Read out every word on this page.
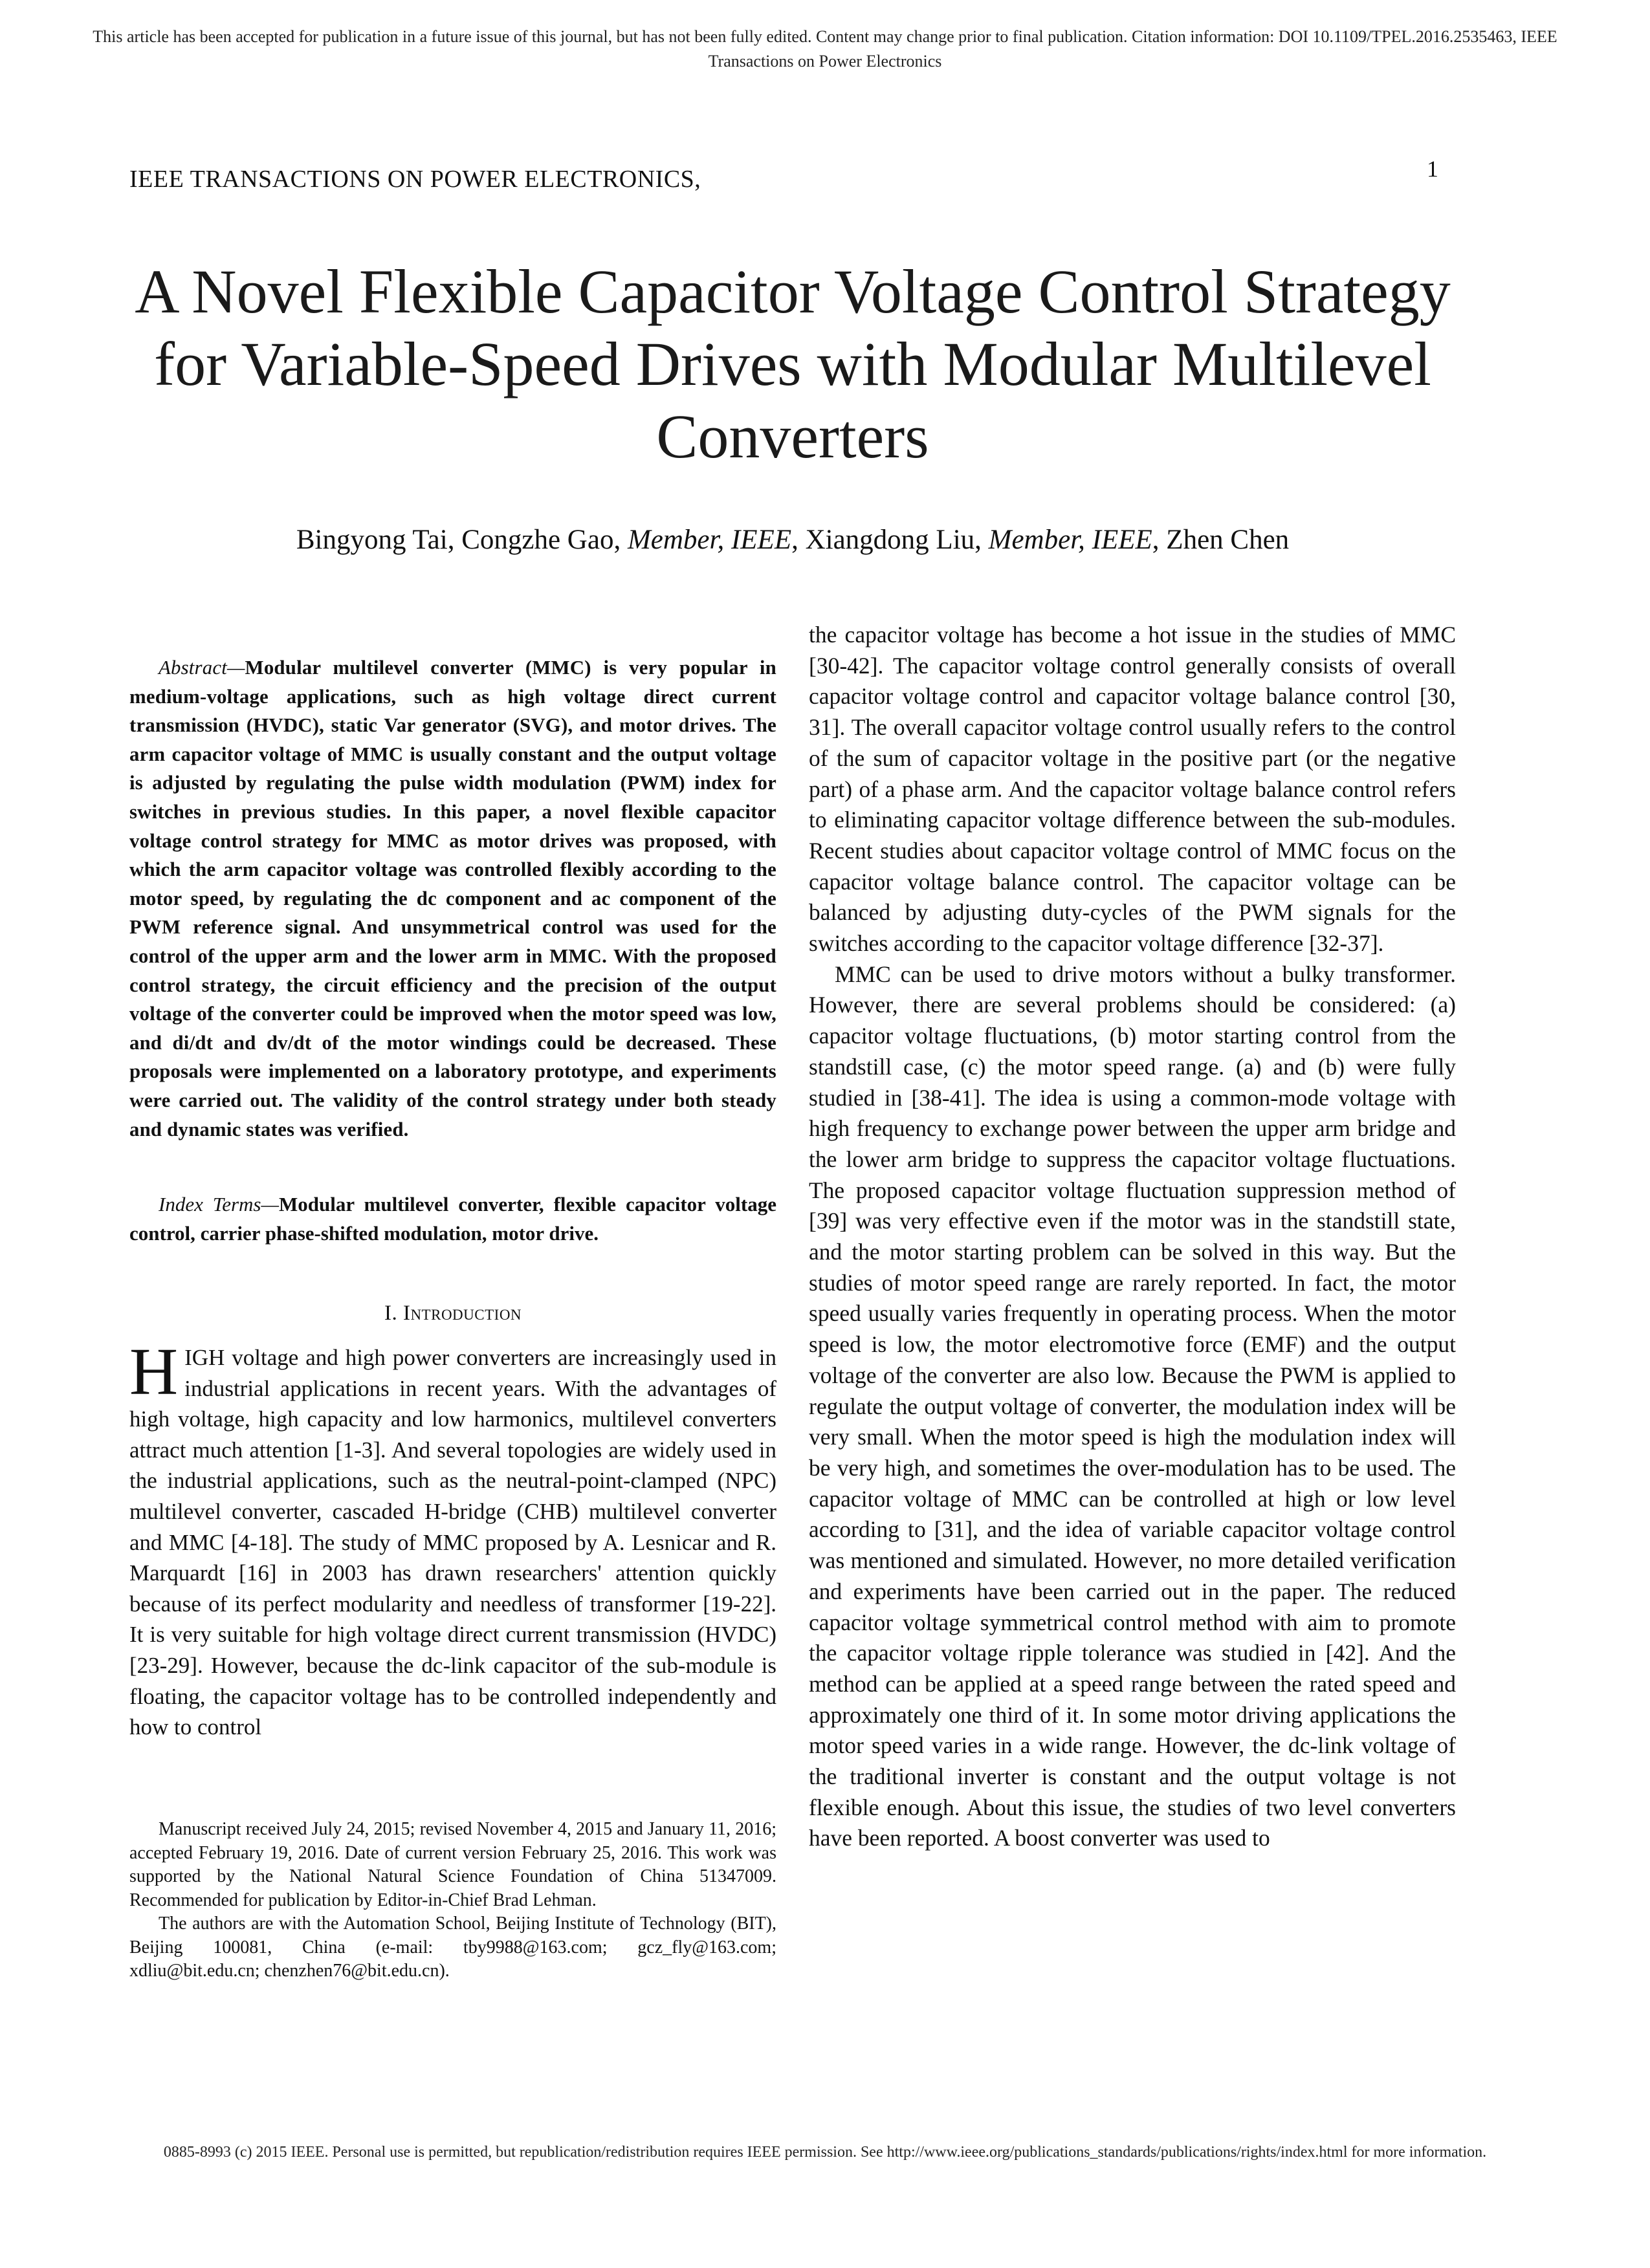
This article has been accepted for publication in a future issue of this journal, but has not been fully edited. Content may change prior to final publication. Citation information: DOI 10.1109/TPEL.2016.2535463, IEEE
Transactions on Power Electronics
IEEE TRANSACTIONS ON POWER ELECTRONICS,	1
A Novel Flexible Capacitor Voltage Control Strategy for Variable-Speed Drives with Modular Multilevel Converters
Bingyong Tai, Congzhe Gao, Member, IEEE, Xiangdong Liu, Member, IEEE, Zhen Chen
Abstract—Modular multilevel converter (MMC) is very popular in medium-voltage applications, such as high voltage direct current transmission (HVDC), static Var generator (SVG), and motor drives. The arm capacitor voltage of MMC is usually constant and the output voltage is adjusted by regulating the pulse width modulation (PWM) index for switches in previous studies. In this paper, a novel flexible capacitor voltage control strategy for MMC as motor drives was proposed, with which the arm capacitor voltage was controlled flexibly according to the motor speed, by regulating the dc component and ac component of the PWM reference signal. And unsymmetrical control was used for the control of the upper arm and the lower arm in MMC. With the proposed control strategy, the circuit efficiency and the precision of the output voltage of the converter could be improved when the motor speed was low, and di/dt and dv/dt of the motor windings could be decreased. These proposals were implemented on a laboratory prototype, and experiments were carried out. The validity of the control strategy under both steady and dynamic states was verified.
Index Terms—Modular multilevel converter, flexible capacitor voltage control, carrier phase-shifted modulation, motor drive.
I. Introduction
HIGH voltage and high power converters are increasingly used in industrial applications in recent years. With the advantages of high voltage, high capacity and low harmonics, multilevel converters attract much attention [1-3]. And several topologies are widely used in the industrial applications, such as the neutral-point-clamped (NPC) multilevel converter, cascaded H-bridge (CHB) multilevel converter and MMC [4-18]. The study of MMC proposed by A. Lesnicar and R. Marquardt [16] in 2003 has drawn researchers' attention quickly because of its perfect modularity and needless of transformer [19-22]. It is very suitable for high voltage direct current transmission (HVDC) [23-29]. However, because the dc-link capacitor of the sub-module is floating, the capacitor voltage has to be controlled independently and how to control

Manuscript received July 24, 2015; revised November 4, 2015 and January 11, 2016; accepted February 19, 2016. Date of current version February 25, 2016. This work was supported by the National Natural Science Foundation of China 51347009. Recommended for publication by Editor-in-Chief Brad Lehman.

The authors are with the Automation School, Beijing Institute of Technology (BIT), Beijing 100081, China (e-mail: tby9988@163.com; gcz_fly@163.com; xdliu@bit.edu.cn; chenzhen76@bit.edu.cn).

the capacitor voltage has become a hot issue in the studies of MMC [30-42]. The capacitor voltage control generally consists of overall capacitor voltage control and capacitor voltage balance control [30, 31]. The overall capacitor voltage control usually refers to the control of the sum of capacitor voltage in the positive part (or the negative part) of a phase arm. And the capacitor voltage balance control refers to eliminating capacitor voltage difference between the sub-modules. Recent studies about capacitor voltage control of MMC focus on the capacitor voltage balance control. The capacitor voltage can be balanced by adjusting duty-cycles of the PWM signals for the switches according to the capacitor voltage difference [32-37].

MMC can be used to drive motors without a bulky transformer. However, there are several problems should be considered: (a) capacitor voltage fluctuations, (b) motor starting control from the standstill case, (c) the motor speed range. (a) and (b) were fully studied in [38-41]. The idea is using a common-mode voltage with high frequency to exchange power between the upper arm bridge and the lower arm bridge to suppress the capacitor voltage fluctuations. The proposed capacitor voltage fluctuation suppression method of [39] was very effective even if the motor was in the standstill state, and the motor starting problem can be solved in this way. But the studies of motor speed range are rarely reported. In fact, the motor speed usually varies frequently in operating process. When the motor speed is low, the motor electromotive force (EMF) and the output voltage of the converter are also low. Because the PWM is applied to regulate the output voltage of converter, the modulation index will be very small. When the motor speed is high the modulation index will be very high, and sometimes the over-modulation has to be used. The capacitor voltage of MMC can be controlled at high or low level according to [31], and the idea of variable capacitor voltage control was mentioned and simulated. However, no more detailed verification and experiments have been carried out in the paper. The reduced capacitor voltage symmetrical control method with aim to promote the capacitor voltage ripple tolerance was studied in [42]. And the method can be applied at a speed range between the rated speed and approximately one third of it. In some motor driving applications the motor speed varies in a wide range. However, the dc-link voltage of the traditional inverter is constant and the output voltage is not flexible enough. About this issue, the studies of two level converters have been reported. A boost converter was used to

0885-8993 (c) 2015 IEEE. Personal use is permitted, but republication/redistribution requires IEEE permission. See http://www.ieee.org/publications_standards/publications/rights/index.html for more information.
